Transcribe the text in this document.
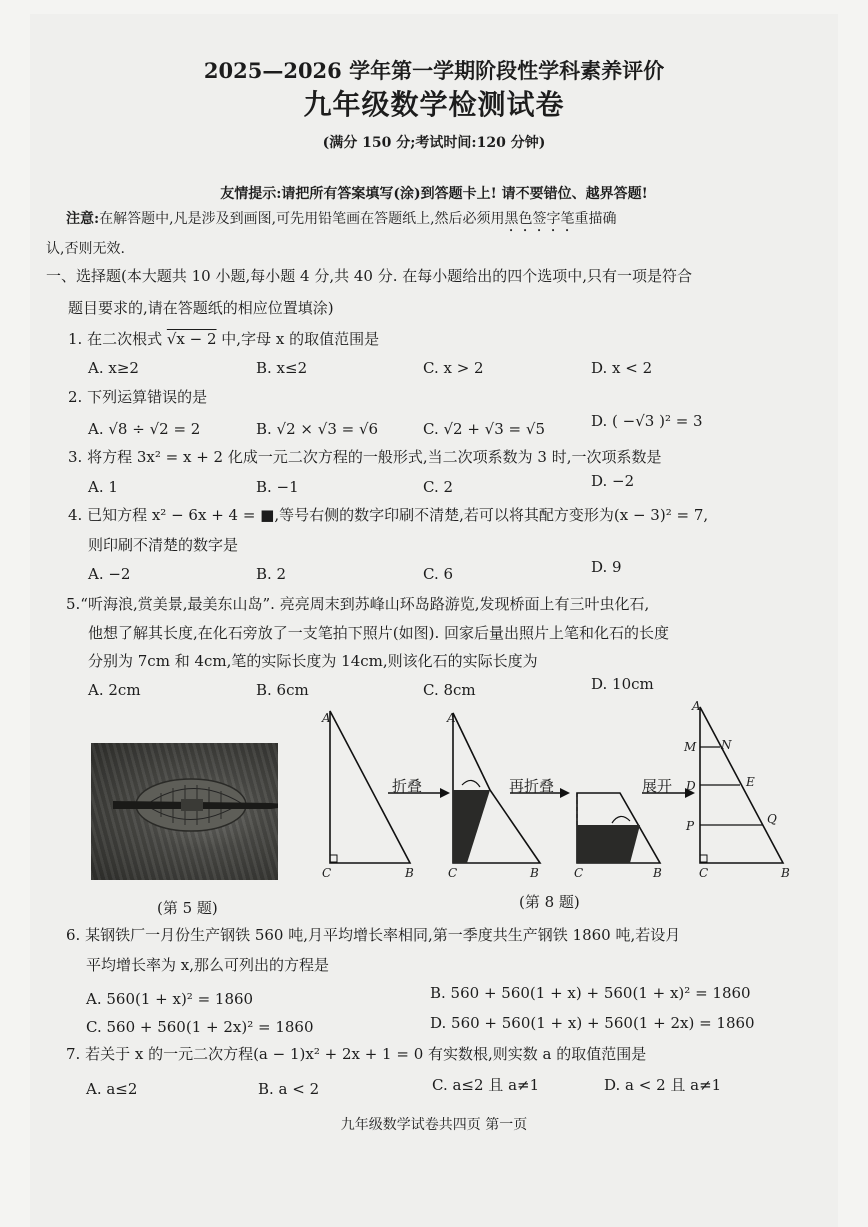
2025—2026 学年第一学期阶段性学科素养评价
九年级数学检测试卷
(满分 150 分;考试时间:120 分钟)
友情提示:请把所有答案填写(涂)到答题卡上! 请不要错位、越界答题!
注意:在解答题中,凡是涉及到画图,可先用铅笔画在答题纸上,然后必须用黑色签字笔重描确
认,否则无效.
一、选择题(本大题共 10 小题,每小题 4 分,共 40 分. 在每小题给出的四个选项中,只有一项是符合
题目要求的,请在答题纸的相应位置填涂)
1. 在二次根式 √x − 2 中,字母 x 的取值范围是
A. x≥2	B. x≤2	C. x > 2	D. x < 2
2. 下列运算错误的是
A. √8 ÷ √2 = 2	B. √2 × √3 = √6	C. √2 + √3 = √5	D. ( −√3 )² = 3
3. 将方程 3x² = x + 2 化成一元二次方程的一般形式,当二次项系数为 3 时,一次项系数是
A. 1	B. −1	C. 2	D. −2
4. 已知方程 x² − 6x + 4 = ■,等号右侧的数字印刷不清楚,若可以将其配方变形为(x − 3)² = 7,
则印刷不清楚的数字是
A. −2	B. 2	C. 6	D. 9
5.“听海浪,赏美景,最美东山岛”. 亮亮周末到苏峰山环岛路游览,发现桥面上有三叶虫化石,
他想了解其长度,在化石旁放了一支笔拍下照片(如图). 回家后量出照片上笔和化石的长度
分别为 7cm 和 4cm,笔的实际长度为 14cm,则该化石的实际长度为
A. 2cm	B. 6cm	C. 8cm	D. 10cm
A
C	B
折叠
A
C	B
再折叠
C	B
展开
A
M N
D	E
P	Q
C	B
(第 5 题)	(第 8 题)
6. 某钢铁厂一月份生产钢铁 560 吨,月平均增长率相同,第一季度共生产钢铁 1860 吨,若设月
平均增长率为 x,那么可列出的方程是
A. 560(1 + x)² = 1860	B. 560 + 560(1 + x) + 560(1 + x)² = 1860
C. 560 + 560(1 + 2x)² = 1860	D. 560 + 560(1 + x) + 560(1 + 2x) = 1860
7. 若关于 x 的一元二次方程(a − 1)x² + 2x + 1 = 0 有实数根,则实数 a 的取值范围是
A. a≤2	B. a < 2	C. a≤2 且 a≠1	D. a < 2 且 a≠1
九年级数学试卷共四页 第一页
